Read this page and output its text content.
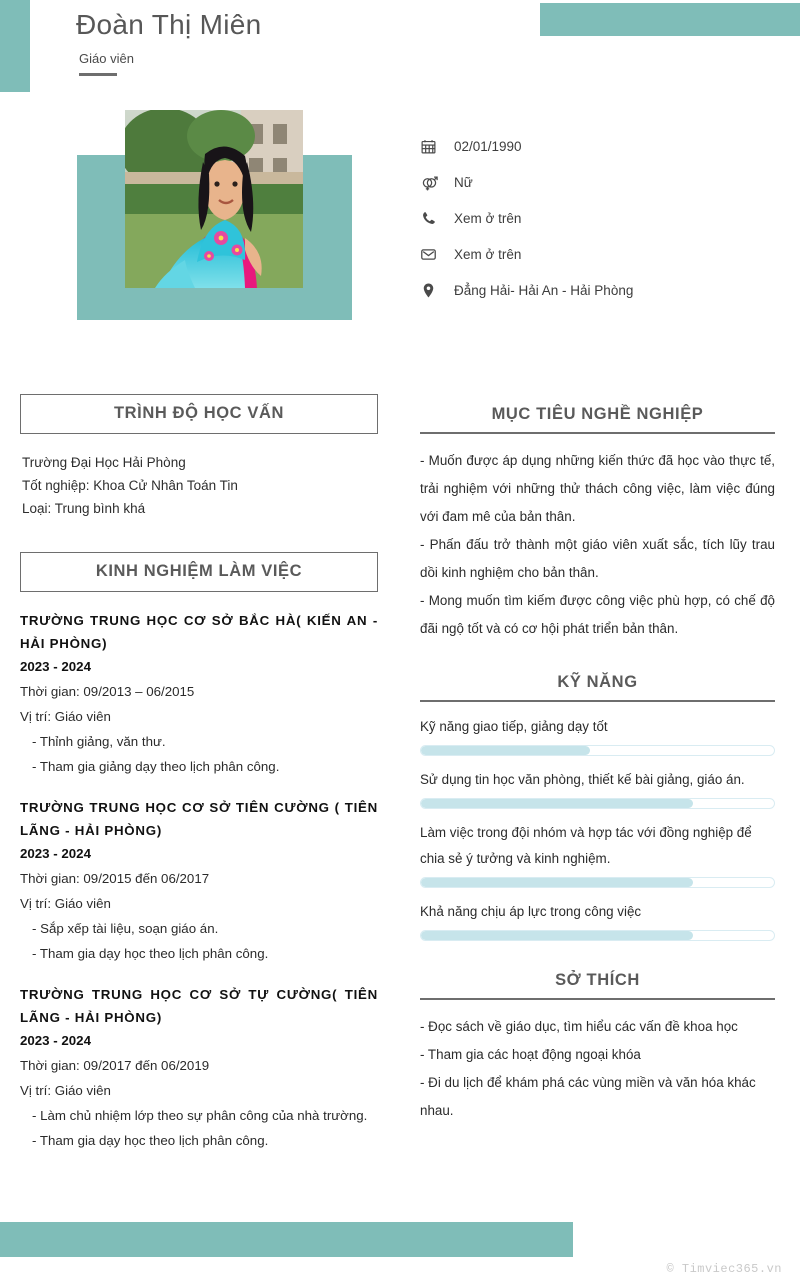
Đoàn Thị Miên
Giáo viên
02/01/1990
Nữ
Xem ở trên
Xem ở trên
Đẳng Hải- Hải An - Hải Phòng
TRÌNH ĐỘ HỌC VẤN
Trường Đại Học Hải Phòng
Tốt nghiệp: Khoa Cử Nhân Toán Tin
Loại: Trung bình khá
KINH NGHIỆM LÀM VIỆC
TRƯỜNG TRUNG HỌC CƠ SỞ BẮC HÀ( KIẾN AN - HẢI PHÒNG)
2023 - 2024
Thời gian: 09/2013 – 06/2015
Vị trí: Giáo viên
- Thỉnh giảng, văn thư.
- Tham gia giảng dạy theo lịch phân công.
TRƯỜNG TRUNG HỌC CƠ SỞ TIÊN CƯỜNG ( TIÊN LÃNG - HẢI PHÒNG)
2023 - 2024
Thời gian: 09/2015 đến 06/2017
Vị trí: Giáo viên
- Sắp xếp tài liệu, soạn giáo án.
- Tham gia dạy học theo lịch phân công.
TRƯỜNG TRUNG HỌC CƠ SỞ TỰ CƯỜNG( TIÊN LÃNG - HẢI PHÒNG)
2023 - 2024
Thời gian: 09/2017 đến 06/2019
Vị trí: Giáo viên
- Làm chủ nhiệm lớp theo sự phân công của nhà trường.
- Tham gia dạy học theo lịch phân công.
MỤC TIÊU NGHỀ NGHIỆP

- Muốn được áp dụng những kiến thức đã học vào thực tế, trải nghiệm với những thử thách công việc, làm việc đúng với đam mê của bản thân.

- Phấn đấu trở thành một giáo viên xuất sắc, tích lũy trau dồi kinh nghiệm cho bản thân.

- Mong muốn tìm kiếm được công việc phù hợp, có chế độ đãi ngộ tốt và có cơ hội phát triển bản thân.

KỸ NĂNG
Kỹ năng giao tiếp, giảng dạy tốt
Sử dụng tin học văn phòng, thiết kế bài giảng, giáo án.
Làm việc trong đội nhóm và hợp tác với đồng nghiệp để chia sẻ ý tưởng và kinh nghiệm.
Khả năng chịu áp lực trong công việc
SỞ THÍCH
- Đọc sách về giáo dục, tìm hiểu các vấn đề khoa học
- Tham gia các hoạt động ngoại khóa
- Đi du lịch để khám phá các vùng miền và văn hóa khác nhau.
© Timviec365.vn
